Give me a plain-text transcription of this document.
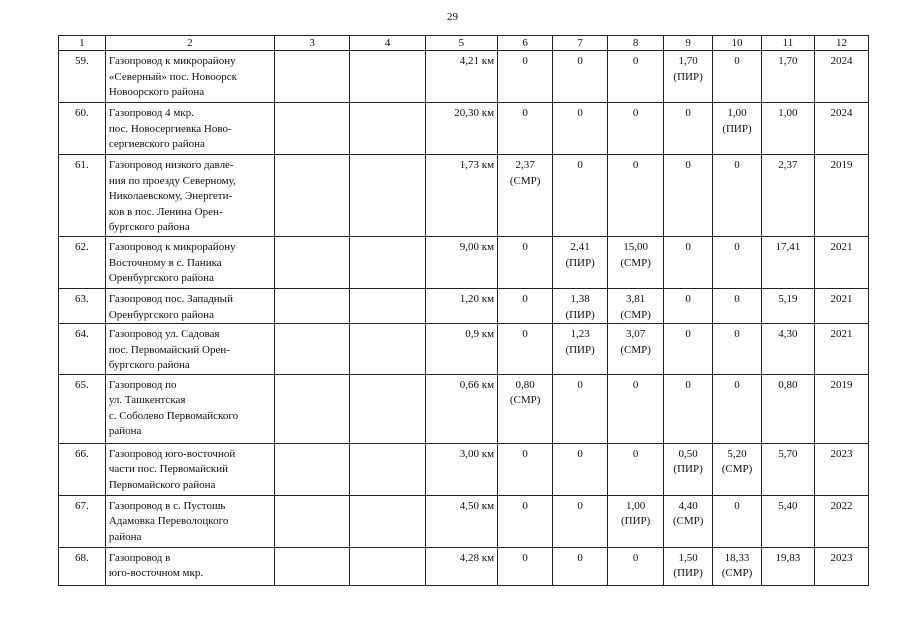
29
1	2	3	4	5	6	7	8	9	10	11	12
59.	Газопровод к микрорайону
«Северный» пос. Новоорск
Новоорского района			4,21 км	0	0	0	1,70
(ПИР)	0	1,70	2024
60.	Газопровод 4 мкр.
пос. Новосергиевка Ново-
сергиевского района			20,30 км	0	0	0	0	1,00
(ПИР)	1,00	2024
61.	Газопровод низкого давле-
ния по проезду Северному,
Николаевскому, Энергети-
ков в пос. Ленина Орен-
бургского района			1,73 км	2,37
(СМР)	0	0	0	0	2,37	2019
62.	Газопровод к микрорайону
Восточному в с. Паника
Оренбургского района			9,00 км	0	2,41
(ПИР)	15,00
(СМР)	0	0	17,41	2021
63.	Газопровод пос. Западный
Оренбургского района			1,20 км	0	1,38
(ПИР)	3,81
(СМР)	0	0	5,19	2021
64.	Газопровод ул. Садовая
пос. Первомайский Орен-
бургского района			0,9 км	0	1,23
(ПИР)	3,07
(СМР)	0	0	4,30	2021
65.	Газопровод по
ул. Ташкентская
с. Соболево Первомайского
района			0,66 км	0,80
(СМР)	0	0	0	0	0,80	2019
66.	Газопровод юго-восточной
части пос. Первомайский
Первомайского района			3,00 км	0	0	0	0,50
(ПИР)	5,20
(СМР)	5,70	2023
67.	Газопровод в с. Пустошь
Адамовка Переволоцкого
района			4,50 км	0	0	1,00
(ПИР)	4,40
(СМР)	0	5,40	2022
68.	Газопровод в
юго-восточном мкр.			4,28 км	0	0	0	1,50
(ПИР)	18,33
(СМР)	19,83	2023
